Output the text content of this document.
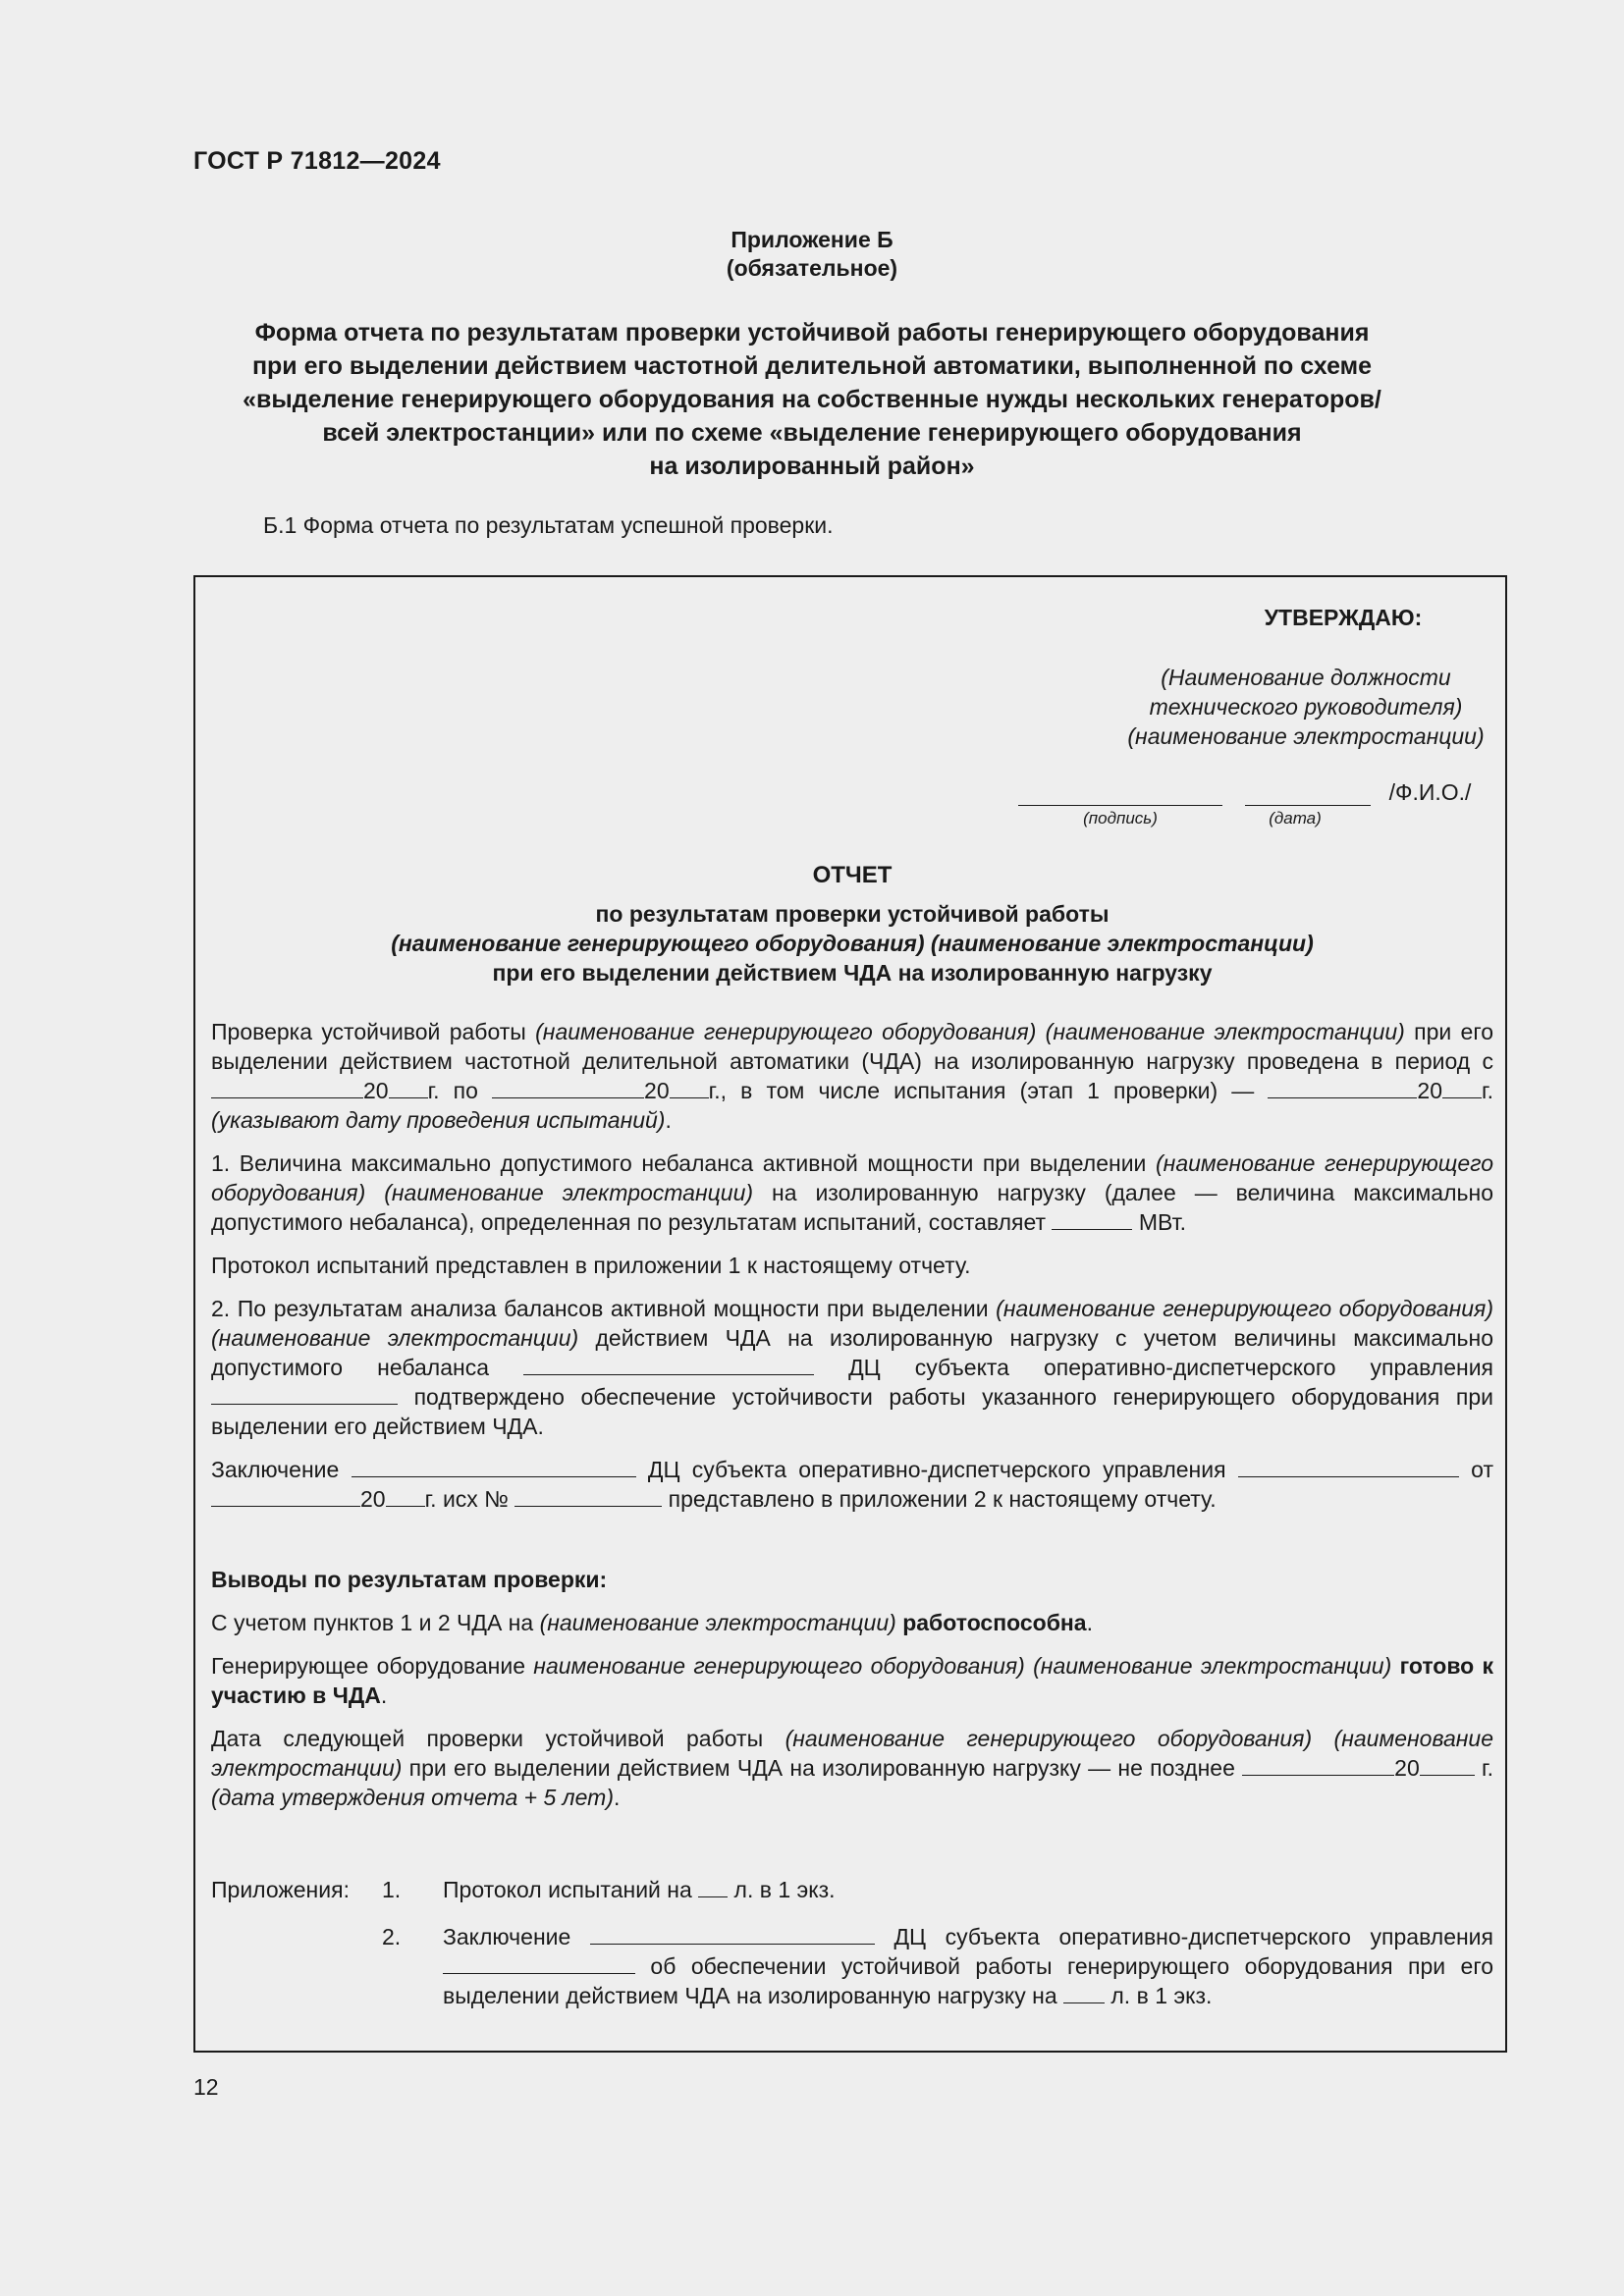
ГОСТ Р 71812—2024
Приложение Б
(обязательное)
Форма отчета по результатам проверки устойчивой работы генерирующего оборудования
при его выделении действием частотной делительной автоматики, выполненной по схеме
«выделение генерирующего оборудования на собственные нужды нескольких генераторов/
всей электростанции» или по схеме «выделение генерирующего оборудования
на изолированный район»
Б.1 Форма отчета по результатам успешной проверки.
УТВЕРЖДАЮ:
(Наименование должности
технического руководителя)
(наименование электростанции)
/Ф.И.О./
(подпись)	(дата)
ОТЧЕТ
по результатам проверки устойчивой работы
(наименование генерирующего оборудования) (наименование электростанции)
при его выделении действием ЧДА на изолированную нагрузку

Проверка устойчивой работы (наименование генерирующего оборудования) (наименование электростанции) при его выделении действием частотной делительной автоматики (ЧДА) на изолированную нагрузку проведена в период с 20 г. по	20 г., в том числе испытания (этап 1 проверки) —	20 г. (указывают дату проведения испытаний).

1. Величина максимально допустимого небаланса активной мощности при выделении (наименование генерирующего оборудования) (наименование электростанции) на изолированную нагрузку (далее — величина максимально допустимого небаланса), определенная по результатам испытаний, составляет	МВт.

Протокол испытаний представлен в приложении 1 к настоящему отчету.

2. По результатам анализа балансов активной мощности при выделении (наименование генерирующего оборудования) (наименование электростанции) действием ЧДА на изолированную нагрузку с учетом величины максимально допустимого небаланса	ДЦ субъекта оперативно-диспетчерского управления подтверждено обеспечение устойчивости работы указанного генерирующего оборудования при выделении его действием ЧДА.

Заключение	ДЦ субъекта оперативно-диспетчерского управления	от 20 г. исх №	представлено в приложении 2 к настоящему отчету.

Выводы по результатам проверки:

С учетом пунктов 1 и 2 ЧДА на (наименование электростанции) работоспособна.

Генерирующее оборудование наименование генерирующего оборудования) (наименование электростанции) готово к участию в ЧДА.

Дата следующей проверки устойчивой работы (наименование генерирующего оборудования) (наименование электростанции) при его выделении действием ЧДА на изолированную нагрузку — не позднее	20 г. (дата утверждения отчета + 5 лет).

Приложения: 1. Протокол испытаний на  л. в 1 экз.
2. Заключение	ДЦ субъекта оперативно-диспетчерского управления  об обеспечении устойчивой работы генерирующего оборудования при его выделении действием ЧДА на изолированную нагрузку на  л. в 1 экз.
12
